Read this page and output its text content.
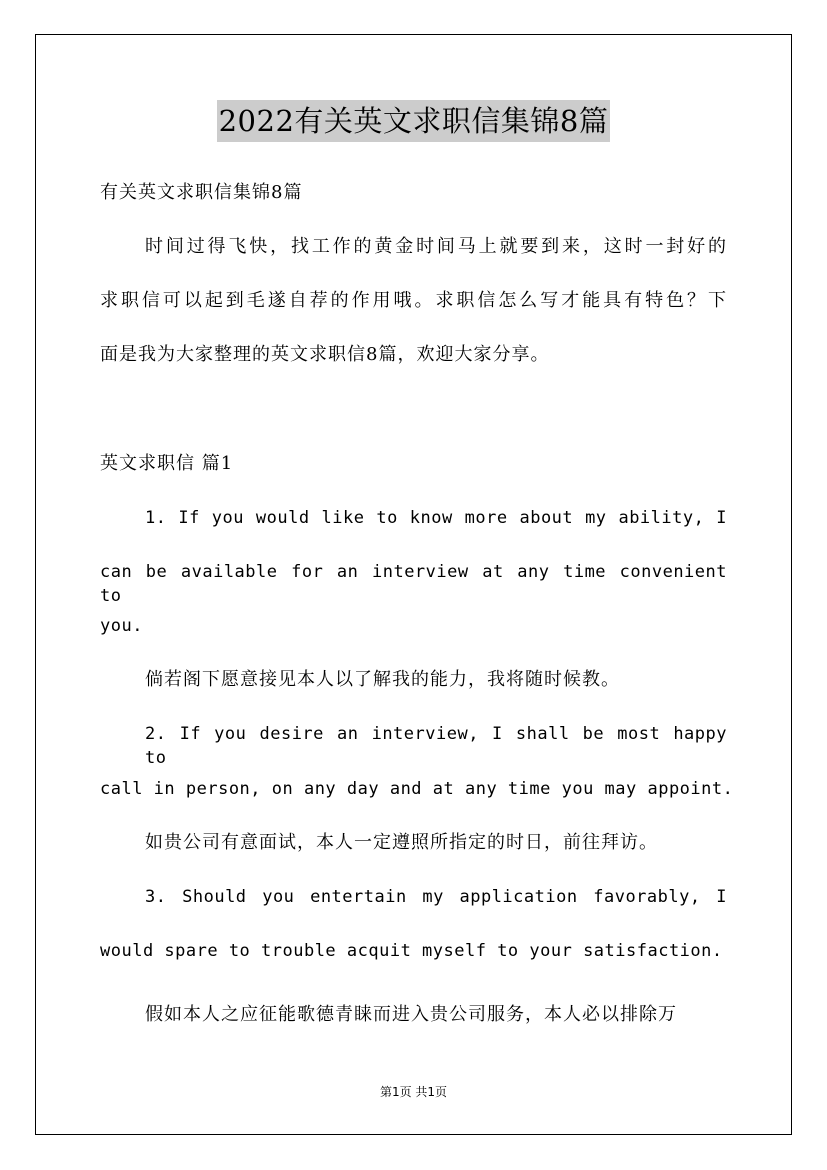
2022有关英文求职信集锦8篇
有关英文求职信集锦8篇
时间过得飞快，找工作的黄金时间马上就要到来，这时一封好的
求职信可以起到毛遂自荐的作用哦。求职信怎么写才能具有特色？下
面是我为大家整理的英文求职信8篇，欢迎大家分享。
英文求职信 篇1
1. If you would like to know more about my ability, I
can be available for an interview at any time convenient to
you.
倘若阁下愿意接见本人以了解我的能力，我将随时候教。
2. If you desire an interview, I shall be most happy to
call in person, on any day and at any time you may appoint.
如贵公司有意面试，本人一定遵照所指定的时日，前往拜访。
3. Should you entertain my application favorably, I
would spare to trouble acquit myself to your satisfaction.
假如本人之应征能歌德青睐而进入贵公司服务，本人必以排除万
第1页 共1页
